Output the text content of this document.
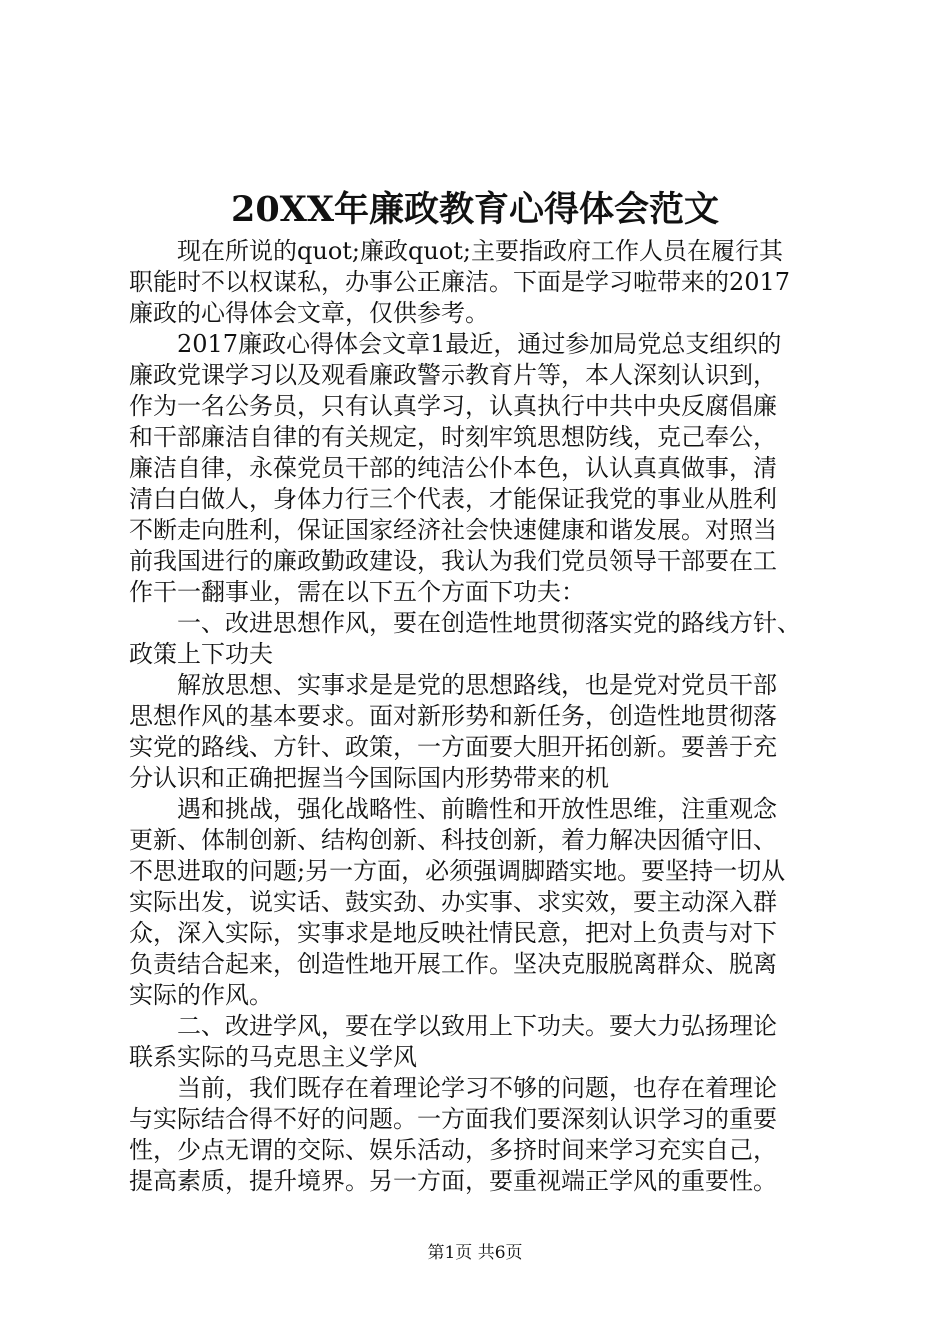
20XX年廉政教育心得体会范文
现在所说的quot;廉政quot;主要指政府工作人员在履行其
职能时不以权谋私，办事公正廉洁。下面是学习啦带来的2017
廉政的心得体会文章，仅供参考。
2017廉政心得体会文章1最近，通过参加局党总支组织的
廉政党课学习以及观看廉政警示教育片等，本人深刻认识到，
作为一名公务员，只有认真学习，认真执行中共中央反腐倡廉
和干部廉洁自律的有关规定，时刻牢筑思想防线，克己奉公，
廉洁自律，永葆党员干部的纯洁公仆本色，认认真真做事，清
清白白做人，身体力行三个代表，才能保证我党的事业从胜利
不断走向胜利，保证国家经济社会快速健康和谐发展。对照当
前我国进行的廉政勤政建设，我认为我们党员领导干部要在工
作干一翻事业，需在以下五个方面下功夫：
一、改进思想作风，要在创造性地贯彻落实党的路线方针、
政策上下功夫
解放思想、实事求是是党的思想路线，也是党对党员干部
思想作风的基本要求。面对新形势和新任务，创造性地贯彻落
实党的路线、方针、政策，一方面要大胆开拓创新。要善于充
分认识和正确把握当今国际国内形势带来的机
遇和挑战，强化战略性、前瞻性和开放性思维，注重观念
更新、体制创新、结构创新、科技创新，着力解决因循守旧、
不思进取的问题;另一方面，必须强调脚踏实地。要坚持一切从
实际出发，说实话、鼓实劲、办实事、求实效，要主动深入群
众，深入实际，实事求是地反映社情民意，把对上负责与对下
负责结合起来，创造性地开展工作。坚决克服脱离群众、脱离
实际的作风。
二、改进学风，要在学以致用上下功夫。要大力弘扬理论
联系实际的马克思主义学风
当前，我们既存在着理论学习不够的问题，也存在着理论
与实际结合得不好的问题。一方面我们要深刻认识学习的重要
性，少点无谓的交际、娱乐活动，多挤时间来学习充实自己，
提高素质，提升境界。另一方面，要重视端正学风的重要性。
第1页 共6页
